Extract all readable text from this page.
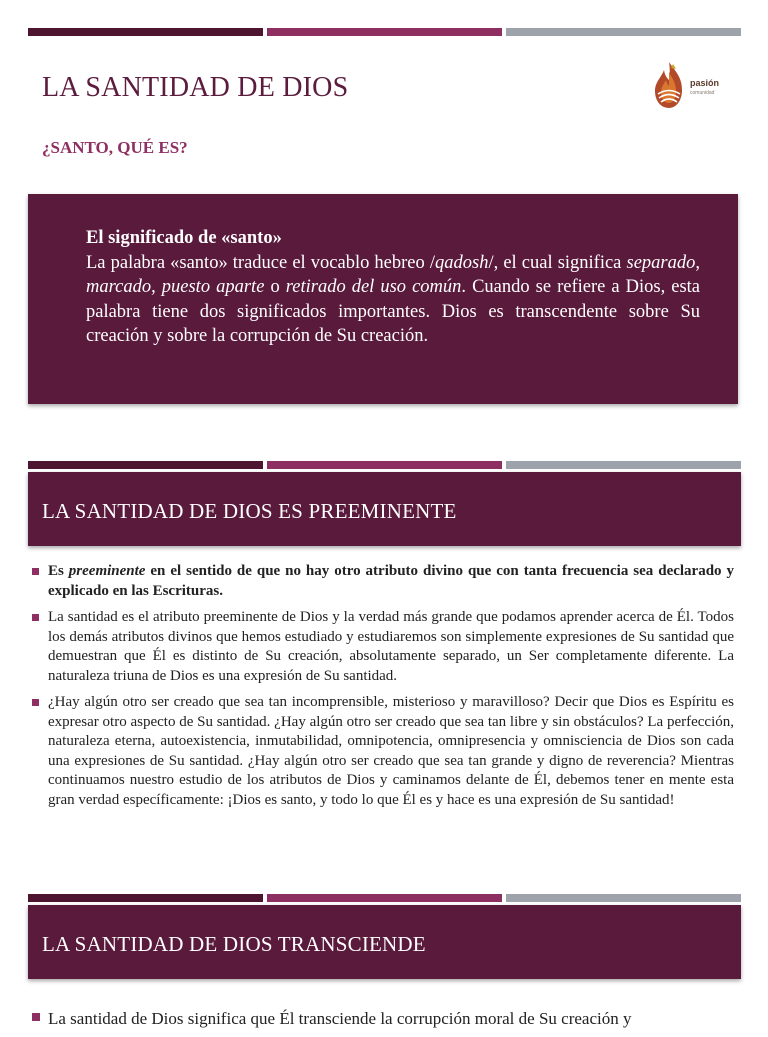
LA SANTIDAD DE DIOS	pasión
comunidad
¿SANTO, QUÉ ES?
El significado de «santo»
La palabra «santo» traduce el vocablo hebreo /qadosh/, el cual significa separado, marcado, puesto aparte o retirado del uso común. Cuando se refiere a Dios, esta palabra tiene dos significados importantes. Dios es transcendente sobre Su creación y sobre la corrupción de Su creación.
LA SANTIDAD DE DIOS ES PREEMINENTE
Es preeminente en el sentido de que no hay otro atributo divino que con tanta frecuencia sea declarado y explicado en las Escrituras.
La santidad es el atributo preeminente de Dios y la verdad más grande que podamos aprender acerca de Él. Todos los demás atributos divinos que hemos estudiado y estudiaremos son simplemente expresiones de Su santidad que demuestran que Él es distinto de Su creación, absolutamente separado, un Ser completamente diferente. La naturaleza triuna de Dios es una expresión de Su santidad.
¿Hay algún otro ser creado que sea tan incomprensible, misterioso y maravilloso? Decir que Dios es Espíritu es expresar otro aspecto de Su santidad. ¿Hay algún otro ser creado que sea tan libre y sin obstáculos? La perfección, naturaleza eterna, autoexistencia, inmutabilidad, omnipotencia, omnipresencia y omnisciencia de Dios son cada una expresiones de Su santidad. ¿Hay algún otro ser creado que sea tan grande y digno de reverencia? Mientras continuamos nuestro estudio de los atributos de Dios y caminamos delante de Él, debemos tener en mente esta gran verdad específicamente: ¡Dios es santo, y todo lo que Él es y hace es una expresión de Su santidad!
LA SANTIDAD DE DIOS TRANSCIENDE
La santidad de Dios significa que Él transciende la corrupción moral de Su creación y
